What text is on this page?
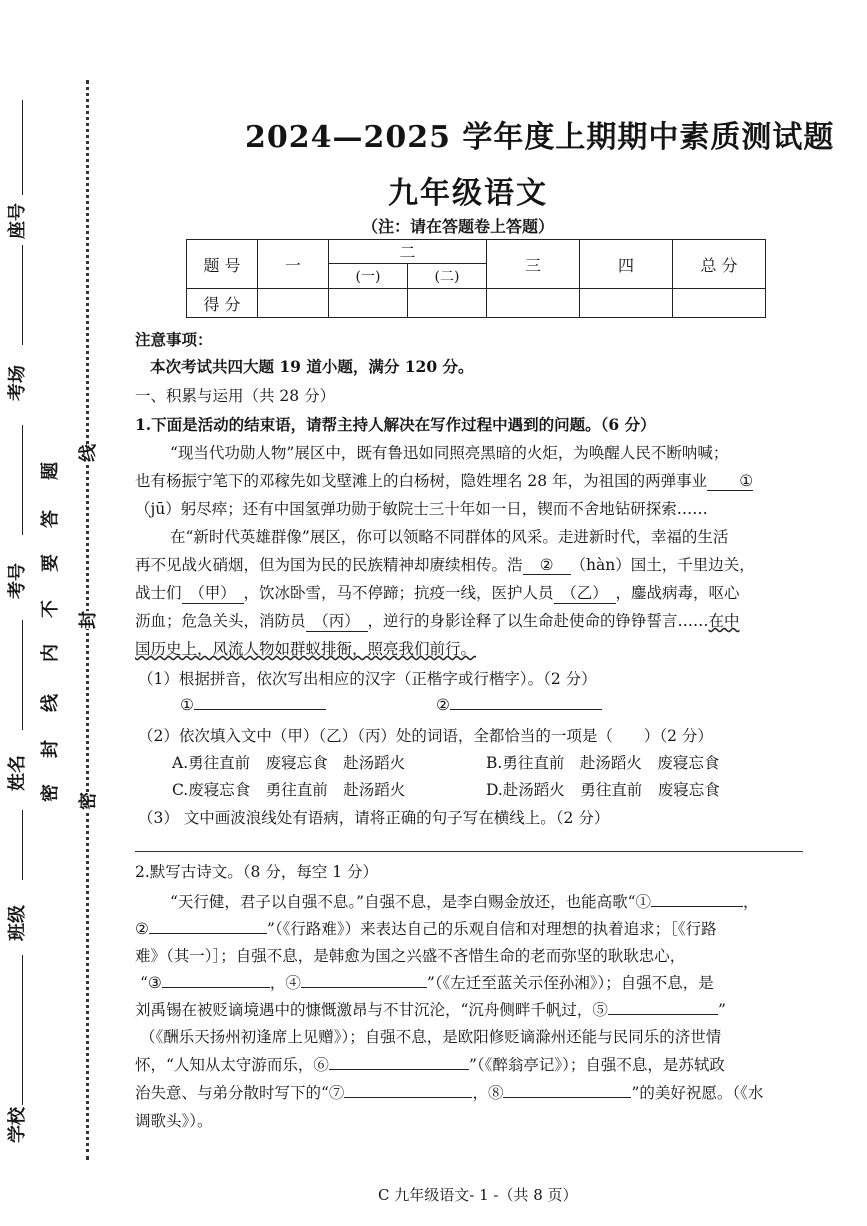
座号
考场
考号
姓名
班级
学校
题
答
要
不
内
线
封
密
线
封
密
2024—2025 学年度上期期中素质测试题
九年级语文
（注：请在答题卷上答题）
题 号	一	二		三	四	总 分
		(一)	(二)			
得 分						
注意事项：
本次考试共四大题 19 道小题，满分 120 分。
一、积累与运用（共 28 分）
1.下面是活动的结束语，请帮主持人解决在写作过程中遇到的问题。（6 分）
“现当代功勋人物”展区中，既有鲁迅如同照亮黑暗的火炬，为唤醒人民不断呐喊；
也有杨振宁笔下的邓稼先如戈壁滩上的白杨树，隐姓埋名 28 年，为祖国的两弹事业 ①
（jū）躬尽瘁；还有中国氢弹功勋于敏院士三十年如一日，锲而不舍地钻研探索……
在“新时代英雄群像”展区，你可以领略不同群体的风采。走进新时代，幸福的生活
再不见战火硝烟，但为国为民的民族精神却赓续相传。浩 ② （hàn）国土，千里边关，
战士们 （甲） ，饮冰卧雪，马不停蹄；抗疫一线，医护人员 （乙） ，鏖战病毒，呕心
沥血；危急关头，消防员 （丙） ，逆行的身影诠释了以生命赴使命的铮铮誓言……在中
国历史上，风流人物如群蚁排衙，照亮我们前行。
（1）根据拼音，依次写出相应的汉字（正楷字或行楷字）。（2 分）
①	②
（2）依次填入文中（甲）（乙）（丙）处的词语，全都恰当的一项是（　　）（2 分）
A.勇往直前　废寝忘食　赴汤蹈火	B.勇往直前　赴汤蹈火　废寝忘食
C.废寝忘食　勇往直前　赴汤蹈火	D.赴汤蹈火　勇往直前　废寝忘食
（3） 文中画波浪线处有语病，请将正确的句子写在横线上。（2 分）
2.默写古诗文。（8 分，每空 1 分）
“天行健，君子以自强不息。”自强不息，是李白赐金放还，也能高歌“①	，
②	”（《行路难》）来表达自己的乐观自信和对理想的执着追求；［《行路
难》（其一）］；自强不息，是韩愈为国之兴盛不吝惜生命的老而弥坚的耿耿忠心，
“③	，④	”（《左迁至蓝关示侄孙湘》）；自强不息，是
刘禹锡在被贬谪境遇中的慷慨激昂与不甘沉沦，“沉舟侧畔千帆过，⑤	”
（《酬乐天扬州初逢席上见赠》）；自强不息，是欧阳修贬谪滁州还能与民同乐的济世情
怀，“人知从太守游而乐，⑥	”（《醉翁亭记》）；自强不息，是苏轼政
治失意、与弟分散时写下的“⑦	，⑧	”的美好祝愿。（《水
调歌头》）。
C 九年级语文- 1 -（共 8 页）
